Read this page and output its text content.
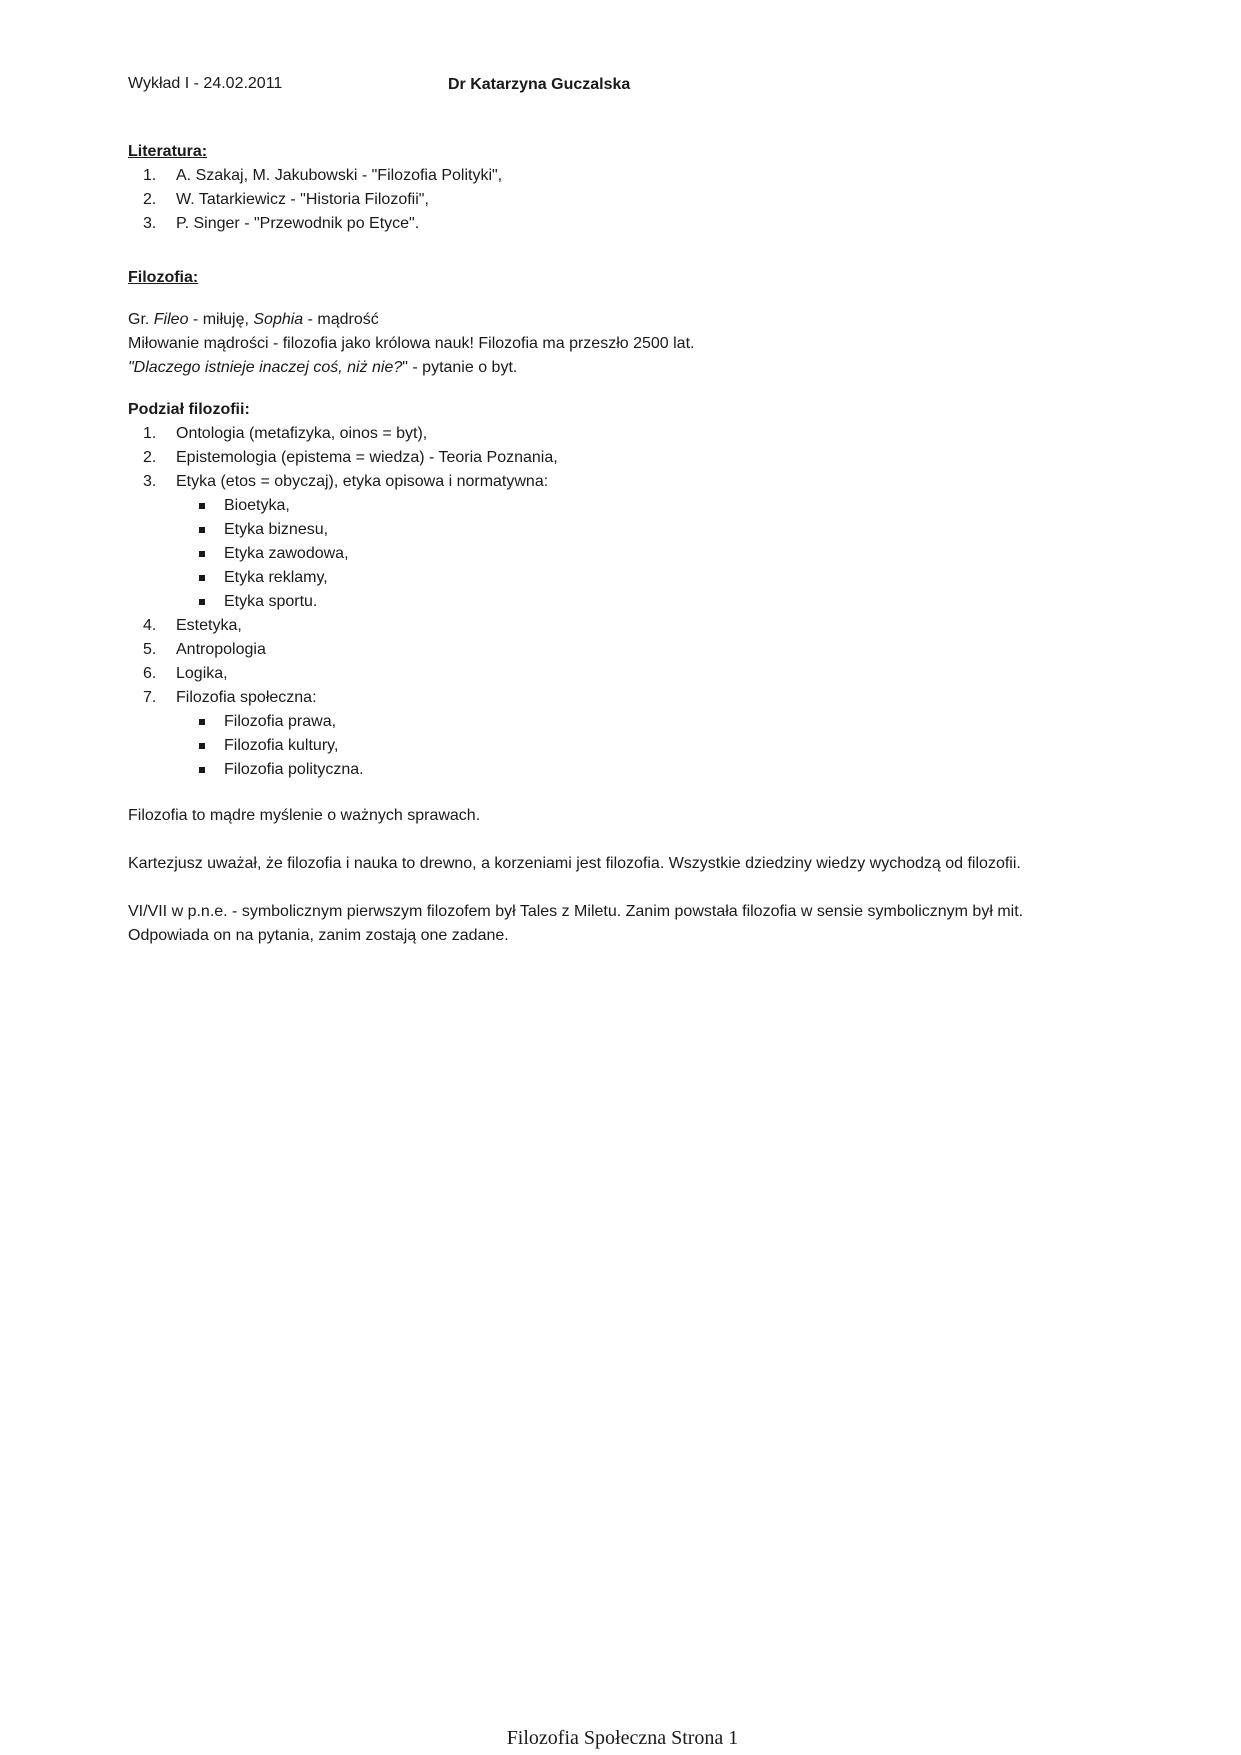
Wykład I - 24.02.2011	Dr Katarzyna Guczalska

Literatura:

1. A. Szakaj, M. Jakubowski - "Filozofia Polityki",
2. W. Tatarkiewicz - "Historia Filozofii",
3. P. Singer - "Przewodnik po Etyce".

Filozofia:

Gr. Fileo - miłuję, Sophia - mądrość

Miłowanie mądrości - filozofia jako królowa nauk! Filozofia ma przeszło 2500 lat.

"Dlaczego istnieje inaczej coś, niż nie?" - pytanie o byt.

Podział filozofii:

1. Ontologia (metafizyka, oinos = byt),
2. Epistemologia (epistema = wiedza) - Teoria Poznania,
3. Etyka (etos = obyczaj), etyka opisowa i normatywna:
Bioetyka,
Etyka biznesu,
Etyka zawodowa,
Etyka reklamy,
Etyka sportu.
4. Estetyka,
5. Antropologia
6. Logika,
7. Filozofia społeczna:
Filozofia prawa,
Filozofia kultury,
Filozofia polityczna.

Filozofia to mądre myślenie o ważnych sprawach.

Kartezjusz uważał, że filozofia i nauka to drewno, a korzeniami jest filozofia. Wszystkie dziedziny wiedzy wychodzą od filozofii.

VI/VII w p.n.e. - symbolicznym pierwszym filozofem był Tales z Miletu. Zanim powstała filozofia w sensie symbolicznym był mit. Odpowiada on na pytania, zanim zostają one zadane.

Filozofia Społeczna Strona 1
